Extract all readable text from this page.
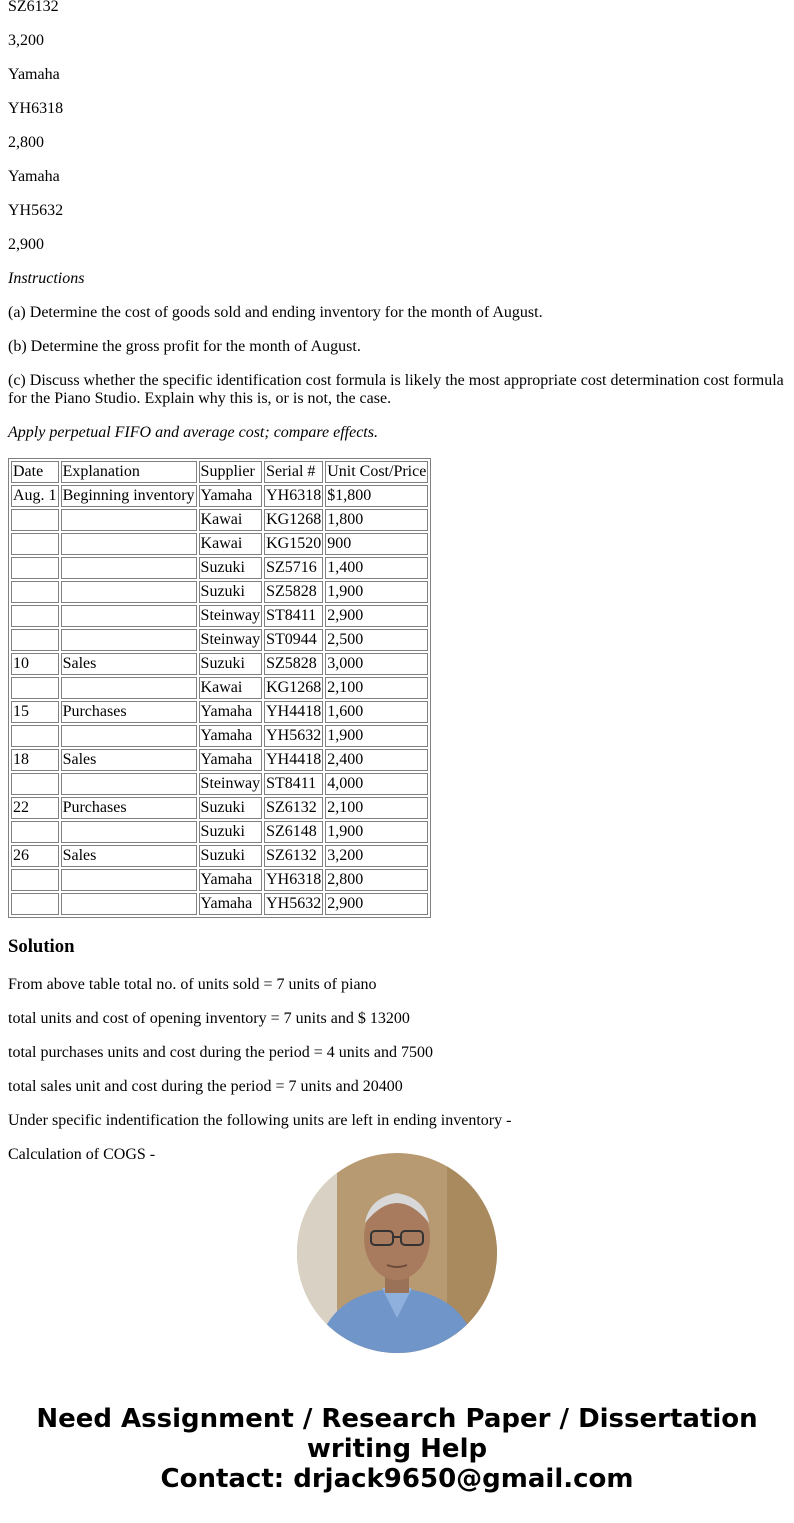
SZ6132

3,200

Yamaha

YH6318

2,800

Yamaha

YH5632

2,900

Instructions

(a) Determine the cost of goods sold and ending inventory for the month of August.

(b) Determine the gross profit for the month of August.

(c) Discuss whether the specific identification cost formula is likely the most appropriate cost determination cost formula for the Piano Studio. Explain why this is, or is not, the case.

Apply perpetual FIFO and average cost; compare effects.

Date	Explanation	Supplier	Serial #	Unit Cost/Price
Aug. 1	Beginning inventory	Yamaha	YH6318	$1,800
		Kawai	KG1268	1,800
		Kawai	KG1520	900
		Suzuki	SZ5716	1,400
		Suzuki	SZ5828	1,900
		Steinway	ST8411	2,900
		Steinway	ST0944	2,500
10	Sales	Suzuki	SZ5828	3,000
		Kawai	KG1268	2,100
15	Purchases	Yamaha	YH4418	1,600
		Yamaha	YH5632	1,900
18	Sales	Yamaha	YH4418	2,400
		Steinway	ST8411	4,000
22	Purchases	Suzuki	SZ6132	2,100
		Suzuki	SZ6148	1,900
26	Sales	Suzuki	SZ6132	3,200
		Yamaha	YH6318	2,800
		Yamaha	YH5632	2,900
Solution

From above table total no. of units sold = 7 units of piano

total units and cost of opening inventory = 7 units and $ 13200

total purchases units and cost during the period = 4 units and 7500

total sales unit and cost during the period = 7 units and 20400

Under specific indentification the following units are left in ending inventory -

Calculation of COGS -

Need Assignment / Research Paper / Dissertation writing Help
Contact: drjack9650@gmail.com
